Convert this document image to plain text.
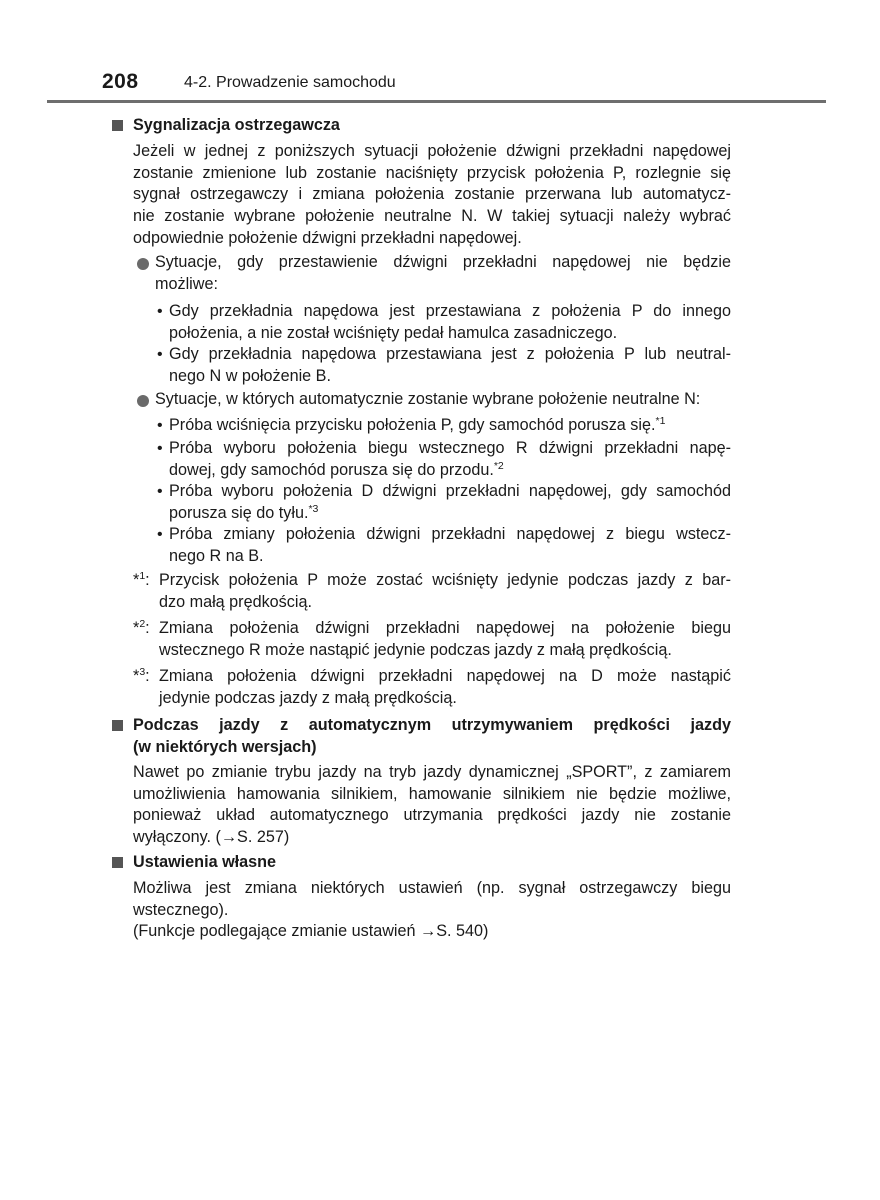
208	4-2. Prowadzenie samochodu
Sygnalizacja ostrzegawcza
Jeżeli w jednej z poniższych sytuacji położenie dźwigni przekładni napędowej
zostanie zmienione lub zostanie naciśnięty przycisk położenia P, rozlegnie się
sygnał ostrzegawczy i zmiana położenia zostanie przerwana lub automatycz-
nie zostanie wybrane położenie neutralne N. W takiej sytuacji należy wybrać
odpowiednie położenie dźwigni przekładni napędowej.
Sytuacje, gdy przestawienie dźwigni przekładni napędowej nie będzie
możliwe:
• Gdy przekładnia napędowa jest przestawiana z położenia P do innego
położenia, a nie został wciśnięty pedał hamulca zasadniczego.
• Gdy przekładnia napędowa przestawiana jest z położenia P lub neutral-
nego N w położenie B.
Sytuacje, w których automatycznie zostanie wybrane położenie neutralne N:
• Próba wciśnięcia przycisku położenia P, gdy samochód porusza się.$^{*1}$
• Próba wyboru położenia biegu wstecznego R dźwigni przekładni napę-
dowej, gdy samochód porusza się do przodu.$^{*2}$
• Próba wyboru położenia D dźwigni przekładni napędowej, gdy samochód
porusza się do tyłu.$^{*3}$
• Próba zmiany położenia dźwigni przekładni napędowej z biegu wstecz-
nego R na B.
*$^1$: Przycisk położenia P może zostać wciśnięty jedynie podczas jazdy z bar-
dzo małą prędkością.
*$^2$: Zmiana położenia dźwigni przekładni napędowej na położenie biegu
wstecznego R może nastąpić jedynie podczas jazdy z małą prędkością.
*$^3$: Zmiana położenia dźwigni przekładni napędowej na D może nastąpić
jedynie podczas jazdy z małą prędkością.
Podczas jazdy z automatycznym utrzymywaniem prędkości jazdy
(w niektórych wersjach)
Nawet po zmianie trybu jazdy na tryb jazdy dynamicznej „SPORT”, z zamiarem
umożliwienia hamowania silnikiem, hamowanie silnikiem nie będzie możliwe,
ponieważ układ automatycznego utrzymania prędkości jazdy nie zostanie
wyłączony. (→S. 257)
Ustawienia własne
Możliwa jest zmiana niektórych ustawień (np. sygnał ostrzegawczy biegu
wstecznego).
(Funkcje podlegające zmianie ustawień →S. 540)
